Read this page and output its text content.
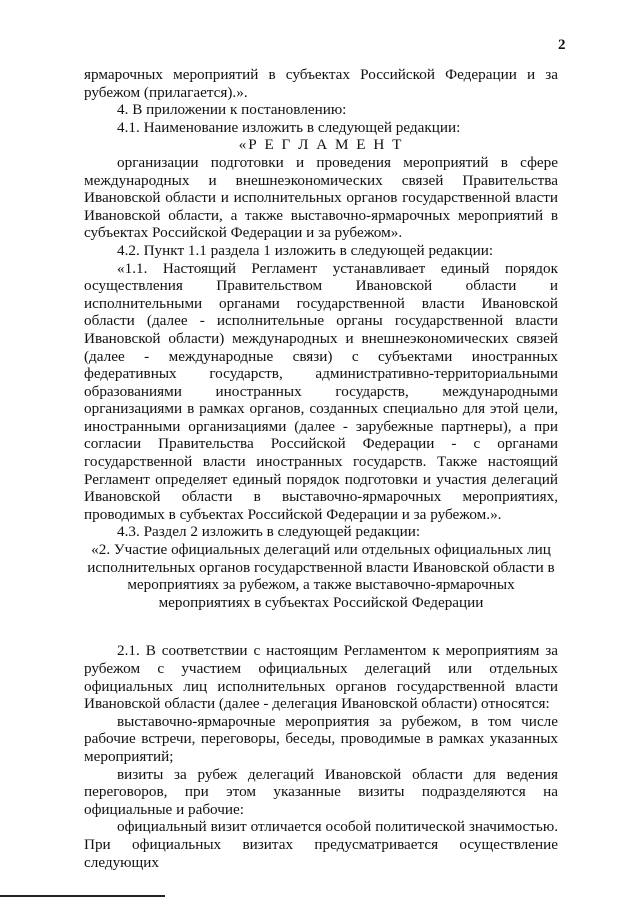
2

ярмарочных мероприятий в субъектах Российской Федерации и за рубежом (прилагается).».

4. В приложении к постановлению:

4.1. Наименование изложить в следующей редакции:

«Р Е Г Л А М Е Н Т

организации подготовки и проведения мероприятий в сфере международных и внешнеэкономических связей Правительства Ивановской области и исполнительных органов государственной власти Ивановской области, а также выставочно-ярмарочных мероприятий в субъектах Российской Федерации и за рубежом».

4.2. Пункт 1.1 раздела 1 изложить в следующей редакции:

«1.1. Настоящий Регламент устанавливает единый порядок осуществления Правительством Ивановской области и исполнительными органами государственной власти Ивановской области (далее - исполнительные органы государственной власти Ивановской области) международных и внешнеэкономических связей (далее - международные связи) с субъектами иностранных федеративных государств, административно-территориальными образованиями иностранных государств, международными организациями в рамках органов, созданных специально для этой цели, иностранными организациями (далее - зарубежные партнеры), а при согласии Правительства Российской Федерации - с органами государственной власти иностранных государств. Также настоящий Регламент определяет единый порядок подготовки и участия делегаций Ивановской области в выставочно-ярмарочных мероприятиях, проводимых в субъектах Российской Федерации и за рубежом.».

4.3. Раздел 2 изложить в следующей редакции:

«2. Участие официальных делегаций или отдельных официальных лиц исполнительных органов государственной власти Ивановской области в мероприятиях за рубежом, а также выставочно-ярмарочных мероприятиях в субъектах Российской Федерации

2.1. В соответствии с настоящим Регламентом к мероприятиям за рубежом с участием официальных делегаций или отдельных официальных лиц исполнительных органов государственной власти Ивановской области (далее - делегация Ивановской области) относятся:

выставочно-ярмарочные мероприятия за рубежом, в том числе рабочие встречи, переговоры, беседы, проводимые в рамках указанных мероприятий;

визиты за рубеж делегаций Ивановской области для ведения переговоров, при этом указанные визиты подразделяются на официальные и рабочие:

официальный визит отличается особой политической значимостью. При официальных визитах предусматривается осуществление следующих
